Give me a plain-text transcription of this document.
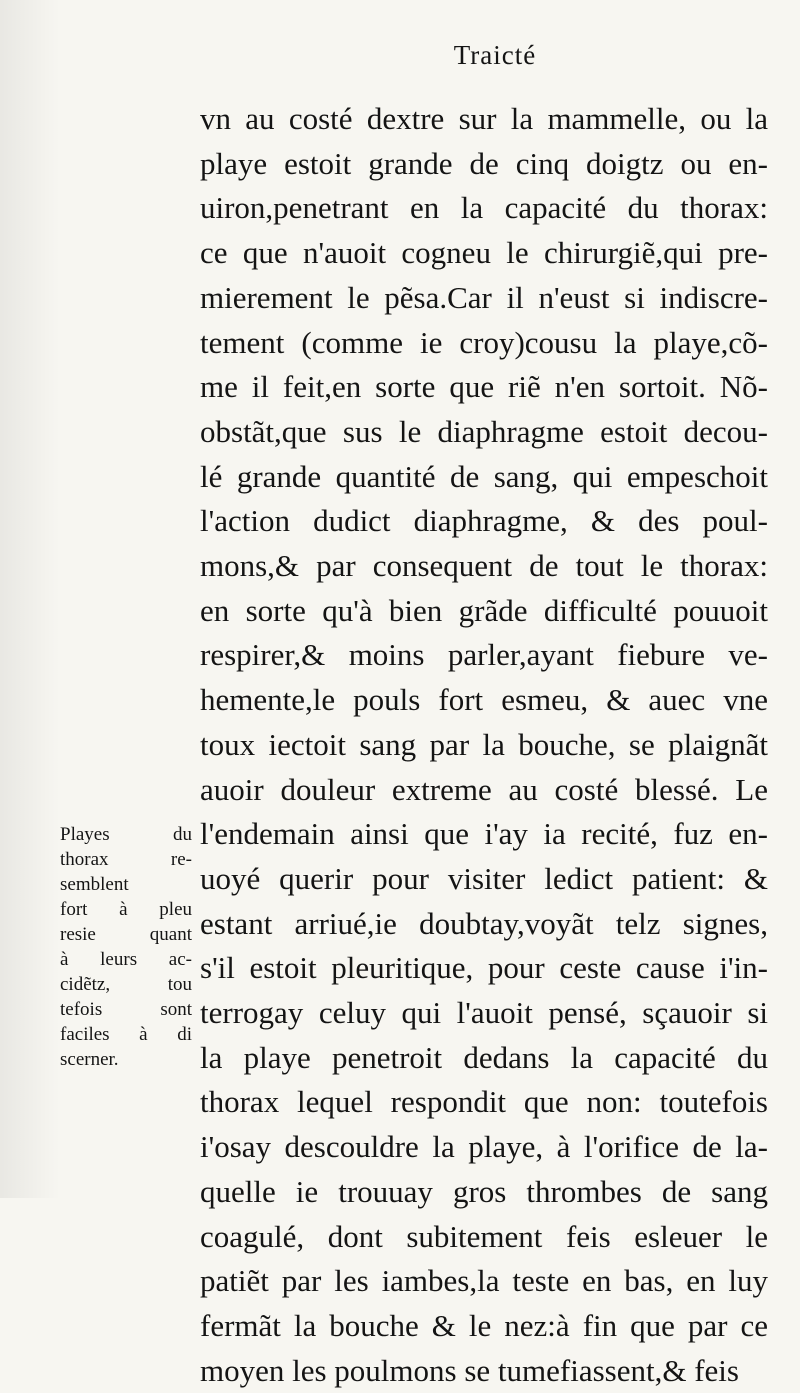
Traicté
vn au costé dextre sur la mammelle, ou la
playe estoit grande de cinq doigtz ou en-
uiron,penetrant en la capacité du thorax:
ce que n'auoit cogneu le chirurgiẽ,qui pre-
mierement le pẽsa.Car il n'eust si indiscre-
tement (comme ie croy)cousu la playe,cõ-
me il feit,en sorte que riẽ n'en sortoit. Nõ-
obstãt,que sus le diaphragme estoit decou-
lé grande quantité de sang, qui empeschoit
l'action dudict diaphragme, & des poul-
mons,& par consequent de tout le thorax:
en sorte qu'à bien grãde difficulté pouuoit
respirer,& moins parler,ayant fiebure ve-
hemente,le pouls fort esmeu, & auec vne
toux iectoit sang par la bouche, se plaignãt
auoir douleur extreme au costé blessé. Le
l'endemain ainsi que i'ay ia recité, fuz en-
uoyé querir pour visiter ledict patient: &
estant arriué,ie doubtay,voyãt telz signes,
s'il estoit pleuritique, pour ceste cause i'in-
terrogay celuy qui l'auoit pensé, sçauoir si
la playe penetroit dedans la capacité du
thorax lequel respondit que non: toutefois
i'osay descouldre la playe, à l'orifice de la-
quelle ie trouuay gros thrombes de sang
coagulé, dont subitement feis esleuer le
patiẽt par les iambes,la teste en bas, en luy
fermãt la bouche & le nez:à fin que par ce
moyen les poulmons se tumefiassent,& feis
Playes du
thorax re-
semblent
fort à pleu
resie quant
à leurs ac-
cidẽtz, tou
tefois sont
faciles à di
scerner.
